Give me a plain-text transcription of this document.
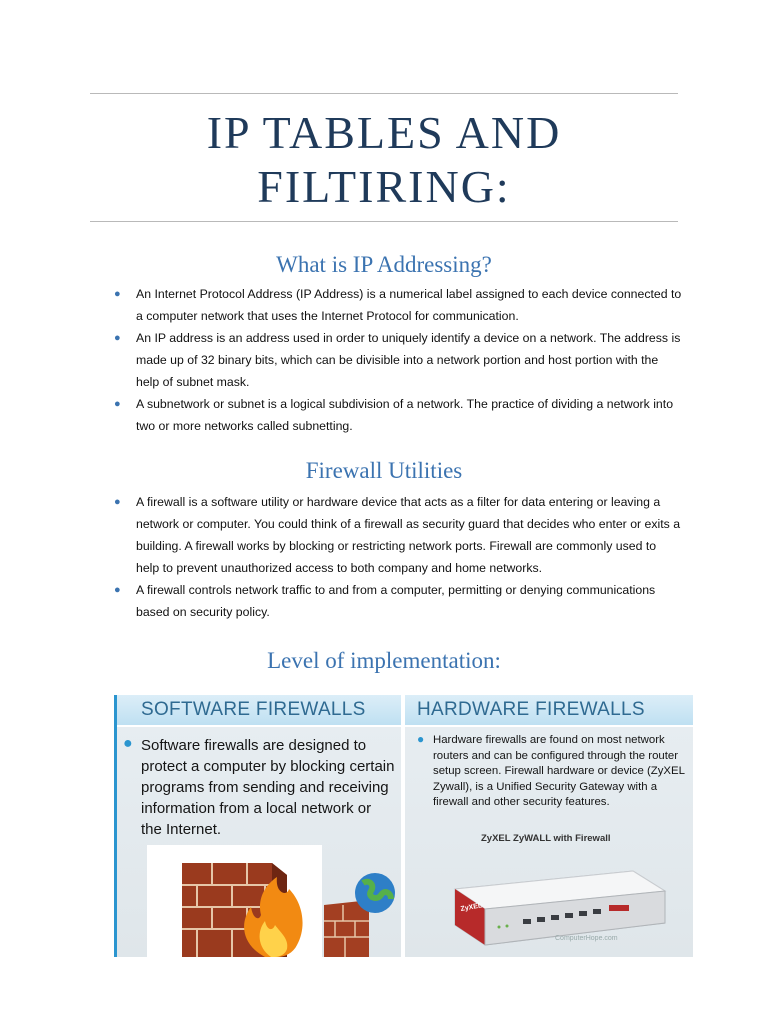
IP TABLES AND
FILTIRING:
What is IP Addressing?
● An Internet Protocol Address (IP Address) is a numerical label assigned to each device connected to a computer network that uses the Internet Protocol for communication.
● An IP address is an address used in order to uniquely identify a device on a network. The address is made up of 32 binary bits, which can be divisible into a network portion and host portion with the help of subnet mask.
● A subnetwork or subnet is a logical subdivision of a network. The practice of dividing a network into two or more networks called subnetting.
Firewall Utilities
● A firewall is a software utility or hardware device that acts as a filter for data entering or leaving a network or computer. You could think of a firewall as security guard that decides who enter or exits a building. A firewall works by blocking or restricting network ports. Firewall are commonly used to help to prevent unauthorized access to both company and home networks.
● A firewall controls network traffic to and from a computer, permitting or denying communications based on security policy.
Level of implementation:
SOFTWARE FIREWALLS
● Software firewalls are designed to protect a computer by blocking certain programs from sending and receiving information from a local network or the Internet.
HARDWARE FIREWALLS
● Hardware firewalls are found on most network routers and can be configured through the router setup screen. Firewall hardware or device (ZyXEL Zywall), is a Unified Security Gateway with a firewall and other security features.
ZyXEL ZyWALL with Firewall
ZyXEL
ComputerHope.com
